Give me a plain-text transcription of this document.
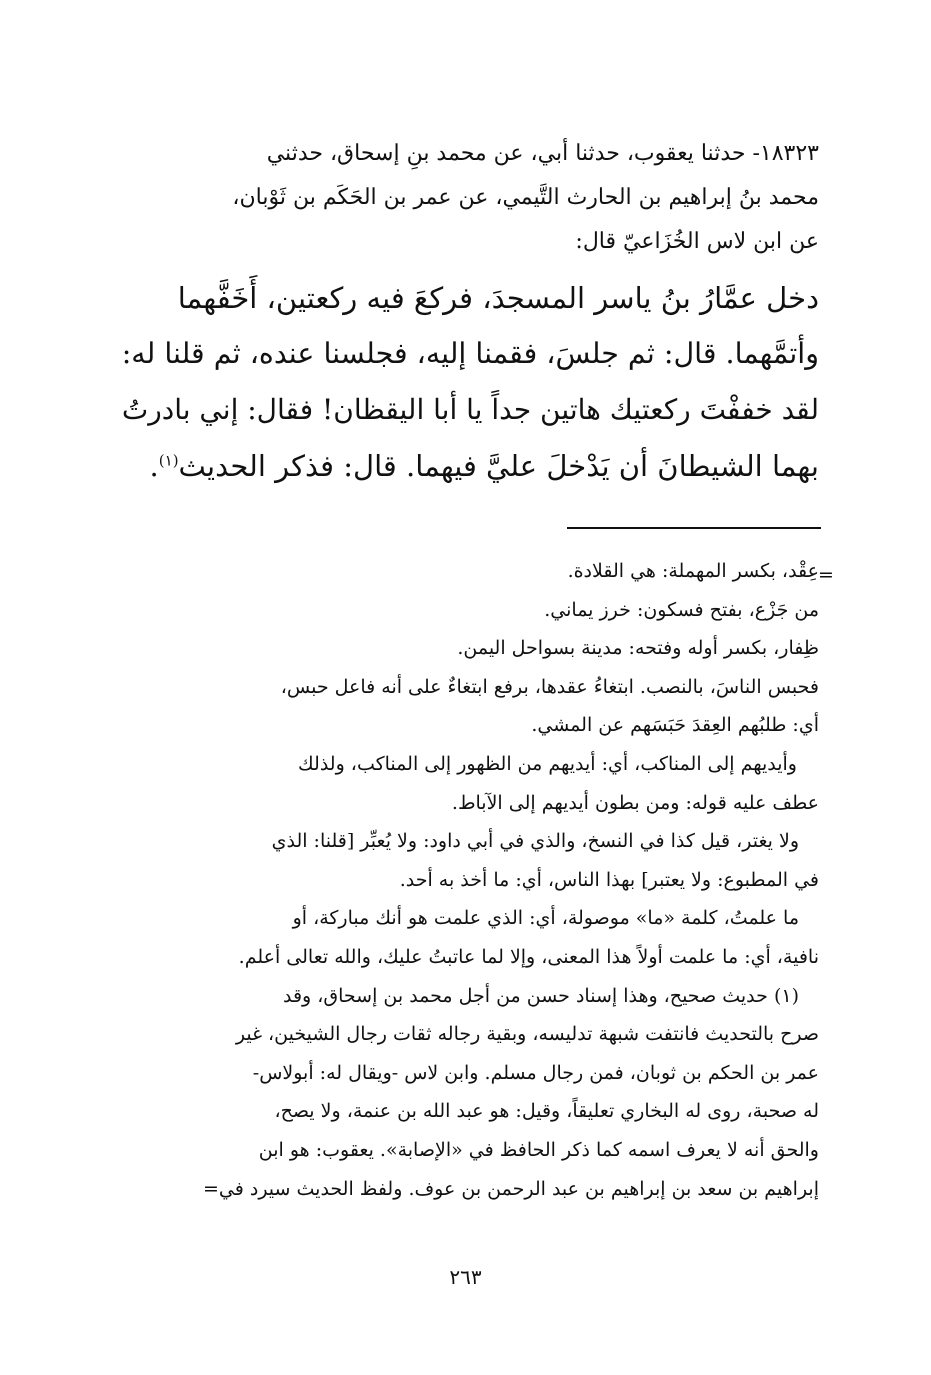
١٨٣٢٣- حدثنا يعقوب، حدثنا أبي، عن محمد بنِ إسحاق، حدثني
محمد بنُ إبراهيم بن الحارث التَّيمي، عن عمر بن الحَكَم بن ثَوْبان،
عن ابن لاس الخُزَاعيّ قال:
دخل عمَّارُ بنُ ياسر المسجدَ، فركعَ فيه ركعتين، أَخَفَّهما
وأتمَّهما. قال: ثم جلسَ، فقمنا إليه، فجلسنا عنده، ثم قلنا له:
لقد خففْتَ ركعتيك هاتين جداً يا أبا اليقظان! فقال: إني بادرتُ
بهما الشيطانَ أن يَدْخلَ عليَّ فيهما. قال: فذكر الحديث$^{(١)}$.
=
عِقْد، بكسر المهملة: هي القلادة.
من جَزْع، بفتح فسكون: خرز يماني.
ظِفار، بكسر أوله وفتحه: مدينة بسواحل اليمن.
فحبس الناسَ، بالنصب. ابتغاءُ عقدها، برفع ابتغاءٌ على أنه فاعل حبس،
أي: طلبُهم العِقدَ حَبَسَهم عن المشي.
وأيديهم إلى المناكب، أي: أيديهم من الظهور إلى المناكب، ولذلك
عطف عليه قوله: ومن بطون أيديهم إلى الآباط.
ولا يغتر، قيل كذا في النسخ، والذي في أبي داود: ولا يُعبِّر [قلنا: الذي
في المطبوع: ولا يعتبر] بهذا الناس، أي: ما أخذ به أحد.
ما علمتُ، كلمة «ما» موصولة، أي: الذي علمت هو أنك مباركة، أو
نافية، أي: ما علمت أولاً هذا المعنى، وإلا لما عاتبتُ عليك، والله تعالى أعلم.
(١) حديث صحيح، وهذا إسناد حسن من أجل محمد بن إسحاق، وقد
صرح بالتحديث فانتفت شبهة تدليسه، وبقية رجاله ثقات رجال الشيخين، غير
عمر بن الحكم بن ثوبان، فمن رجال مسلم. وابن لاس -ويقال له: أبولاس-
له صحبة، روى له البخاري تعليقاً، وقيل: هو عبد الله بن عنمة، ولا يصح،
والحق أنه لا يعرف اسمه كما ذكر الحافظ في «الإصابة». يعقوب: هو ابن
إبراهيم بن سعد بن إبراهيم بن عبد الرحمن بن عوف. ولفظ الحديث سيرد في=
٢٦٣
